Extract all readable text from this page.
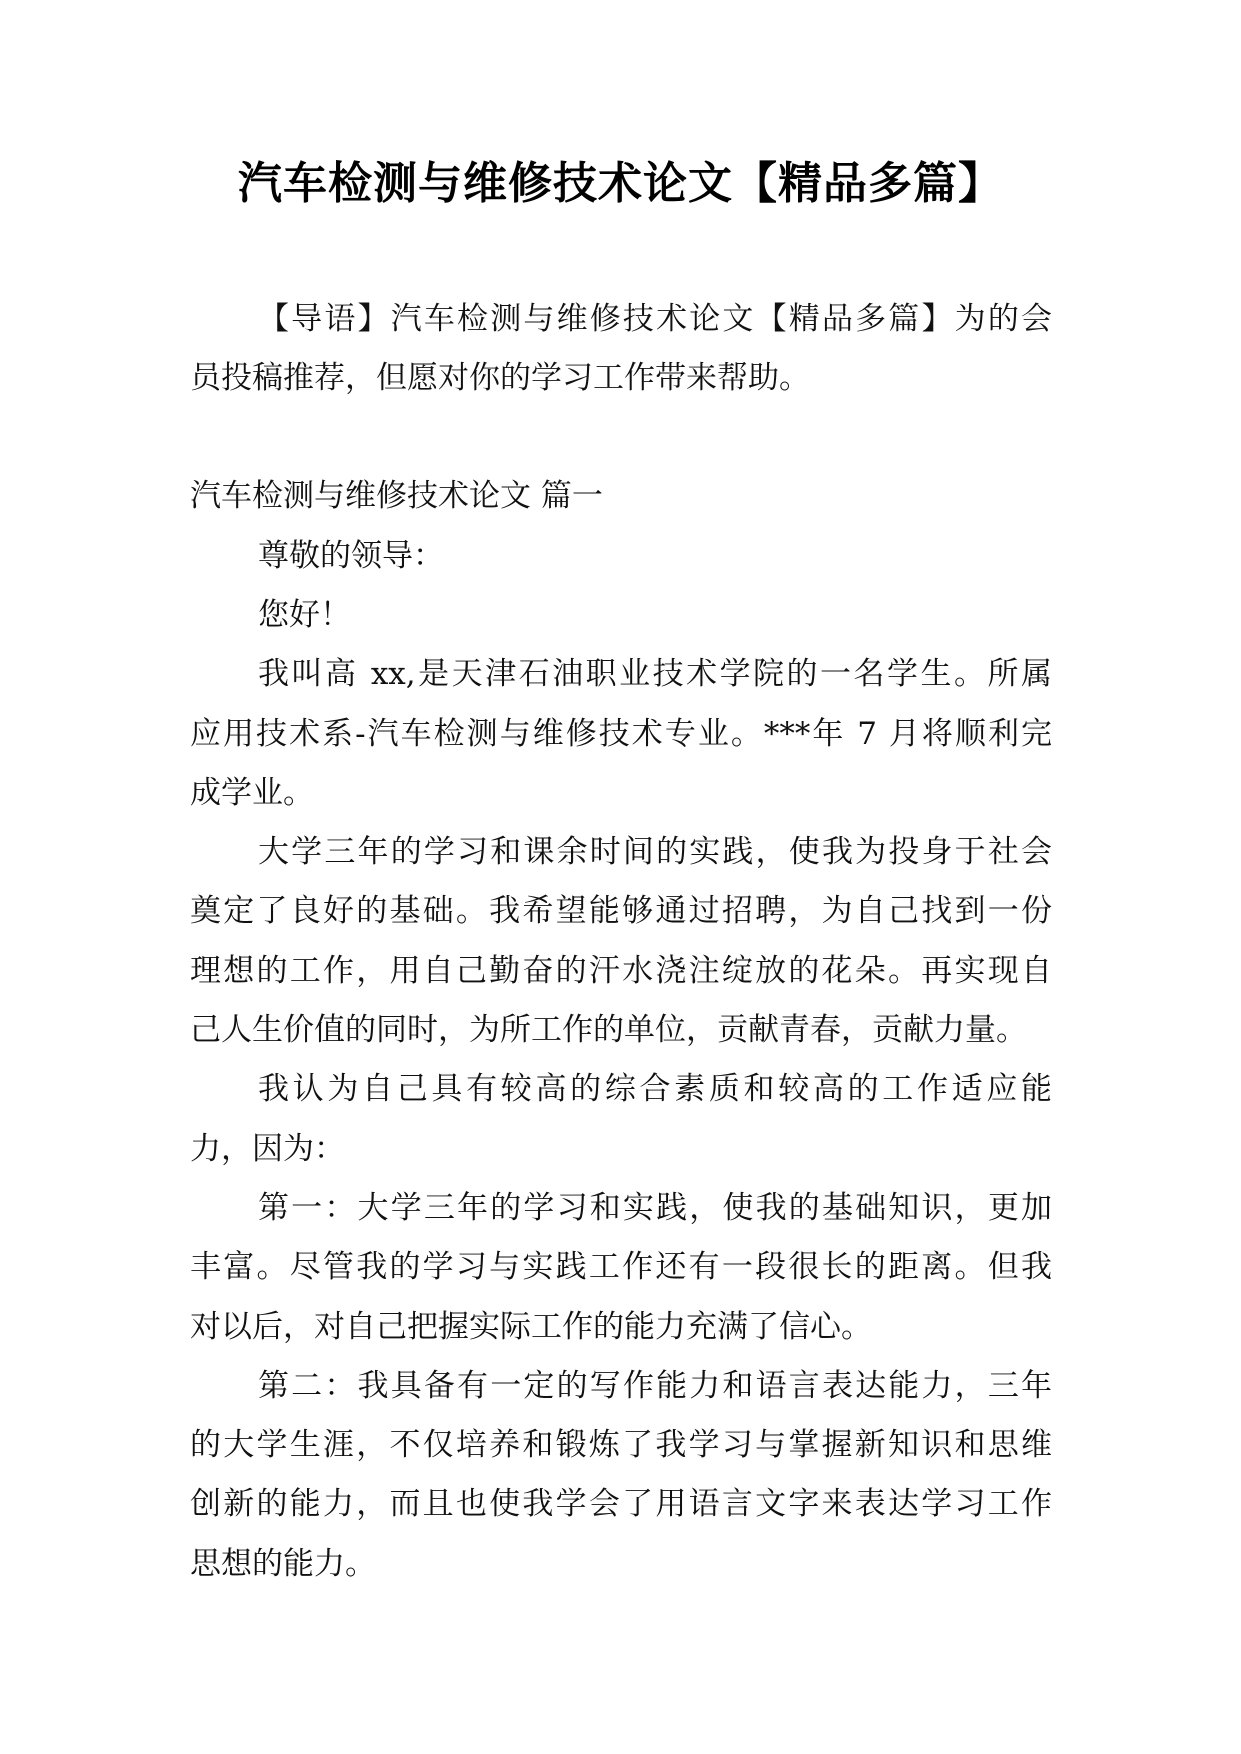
汽车检测与维修技术论文【精品多篇】
【导语】汽车检测与维修技术论文【精品多篇】为的会
员投稿推荐，但愿对你的学习工作带来帮助。
汽车检测与维修技术论文 篇一
尊敬的领导：
您好！
我叫高 xx,是天津石油职业技术学院的一名学生。所属
应用技术系-汽车检测与维修技术专业。***年 7 月将顺利完
成学业。
大学三年的学习和课余时间的实践，使我为投身于社会
奠定了良好的基础。我希望能够通过招聘，为自己找到一份
理想的工作，用自己勤奋的汗水浇注绽放的花朵。再实现自
己人生价值的同时，为所工作的单位，贡献青春，贡献力量。
我认为自己具有较高的综合素质和较高的工作适应能
力，因为：
第一：大学三年的学习和实践，使我的基础知识，更加
丰富。尽管我的学习与实践工作还有一段很长的距离。但我
对以后，对自己把握实际工作的能力充满了信心。
第二：我具备有一定的写作能力和语言表达能力，三年
的大学生涯，不仅培养和锻炼了我学习与掌握新知识和思维
创新的能力，而且也使我学会了用语言文字来表达学习工作
思想的能力。
